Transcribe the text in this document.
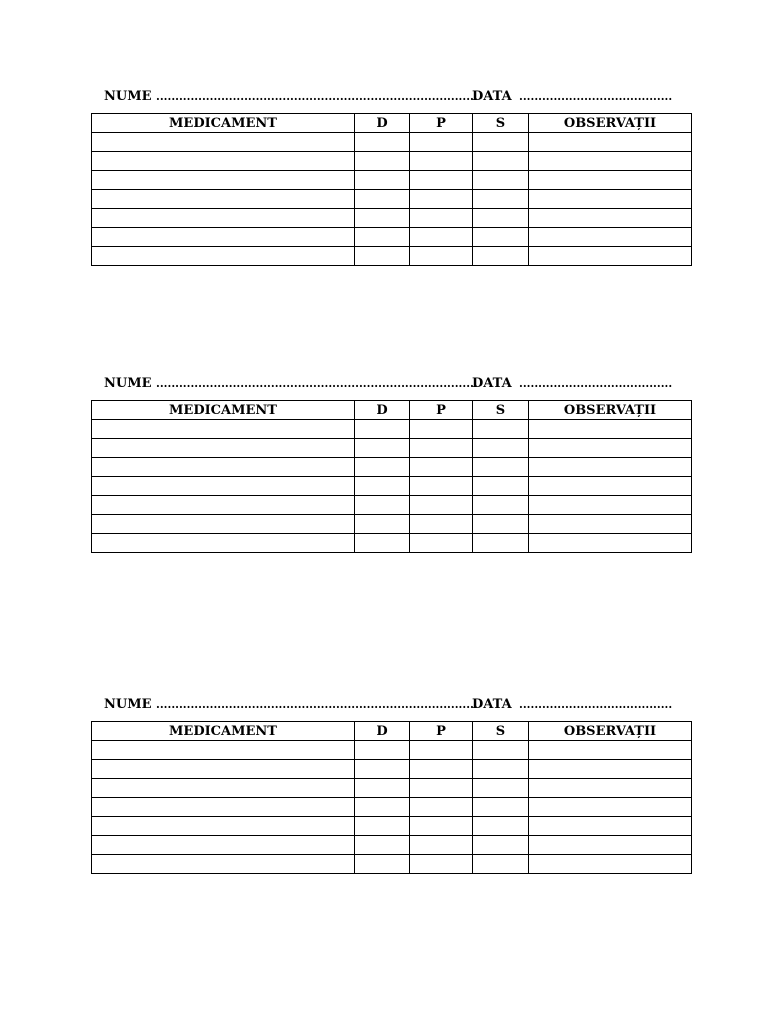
NUME ....................................................................................
DATA ........................................
MEDICAMENT	D	P	S	OBSERVAȚII

NUME ....................................................................................
DATA ........................................
MEDICAMENT	D	P	S	OBSERVAȚII

NUME ....................................................................................
DATA ........................................
MEDICAMENT	D	P	S	OBSERVAȚII
